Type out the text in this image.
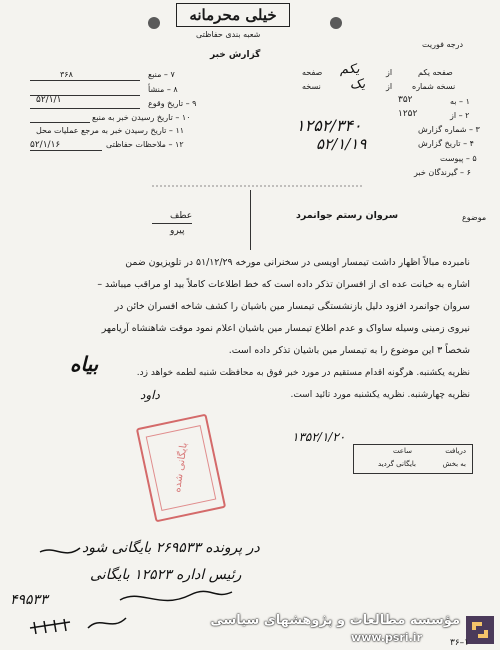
خیلی محرمانه
شعبه بندی حفاظتی
گزارش خبر
درجه فوریت
۳۶۸	۷ – منبع
۸ – منشأ
۵۲/۱/۱	۹ – تاریخ وقوع
۱۰ – تاریخ رسیدن خبر به منبع
۱۱ – تاریخ رسیدن خبر به مرجع عملیات محل
۵۲/۱/۱۶	۱۲ – ملاحظات حفاظتی
صفحه یکم
از
یکم
صفحه
نسخه شماره
از
یک
نسخه
۱ – به
۳۵۲
۲ – از
۱۲۵۲
۳ – شماره گزارش
۱۲۵۲/۳۴۰
۴ – تاریخ گزارش
۵۲/۱/۱۹
۵ – پیوست
۶ – گیرندگان خبر
موضوع
سروان رستم جوانمرد
عطف
پیرو
نامبرده مبالاً اظهار داشت تیمسار اویسی در سخنرانی مورخه ۵۱/۱۲/۲۹ در تلویزیون ضمن
اشاره به خیانت عده ای از افسران تذکر داده است که خط اطلاعات کاملاً بید او مراقب میباشد –
سروان جوانمرد افزود دلیل بازنشستگی تیمسار مین باشیان را کشف شاخه افسران خائن در
نیروی زمینی وسیله ساواک و عدم اطلاع تیمسار مین باشیان اعلام نمود موقت شاهنشاه آریامهر
شخصاً ۳ این موضوع را به تیمسار مین باشیان تذکر داده است.
نظریه یکشنبه. هرگونه اقدام مستقیم در مورد خبر فوق به محافظت شنبه لطمه خواهد زد.
نظریه چهارشنبه. نظریه یکشنبه مورد تائید است.
بیاه
داود
۱۳۵۲/۱/۲۰
دریافت
ساعت
به بخش
بایگانی گردید
بایگانی شده
در پرونده ۲۶۹۵۳۳ بایگانی شود
رئیس اداره ۱۲۵۲۳ بایگانی
۴۹۵۳۳
مؤسسه مطالعات و پژوهشهای سیاسی
www.psri.ir	۳۶–۱
